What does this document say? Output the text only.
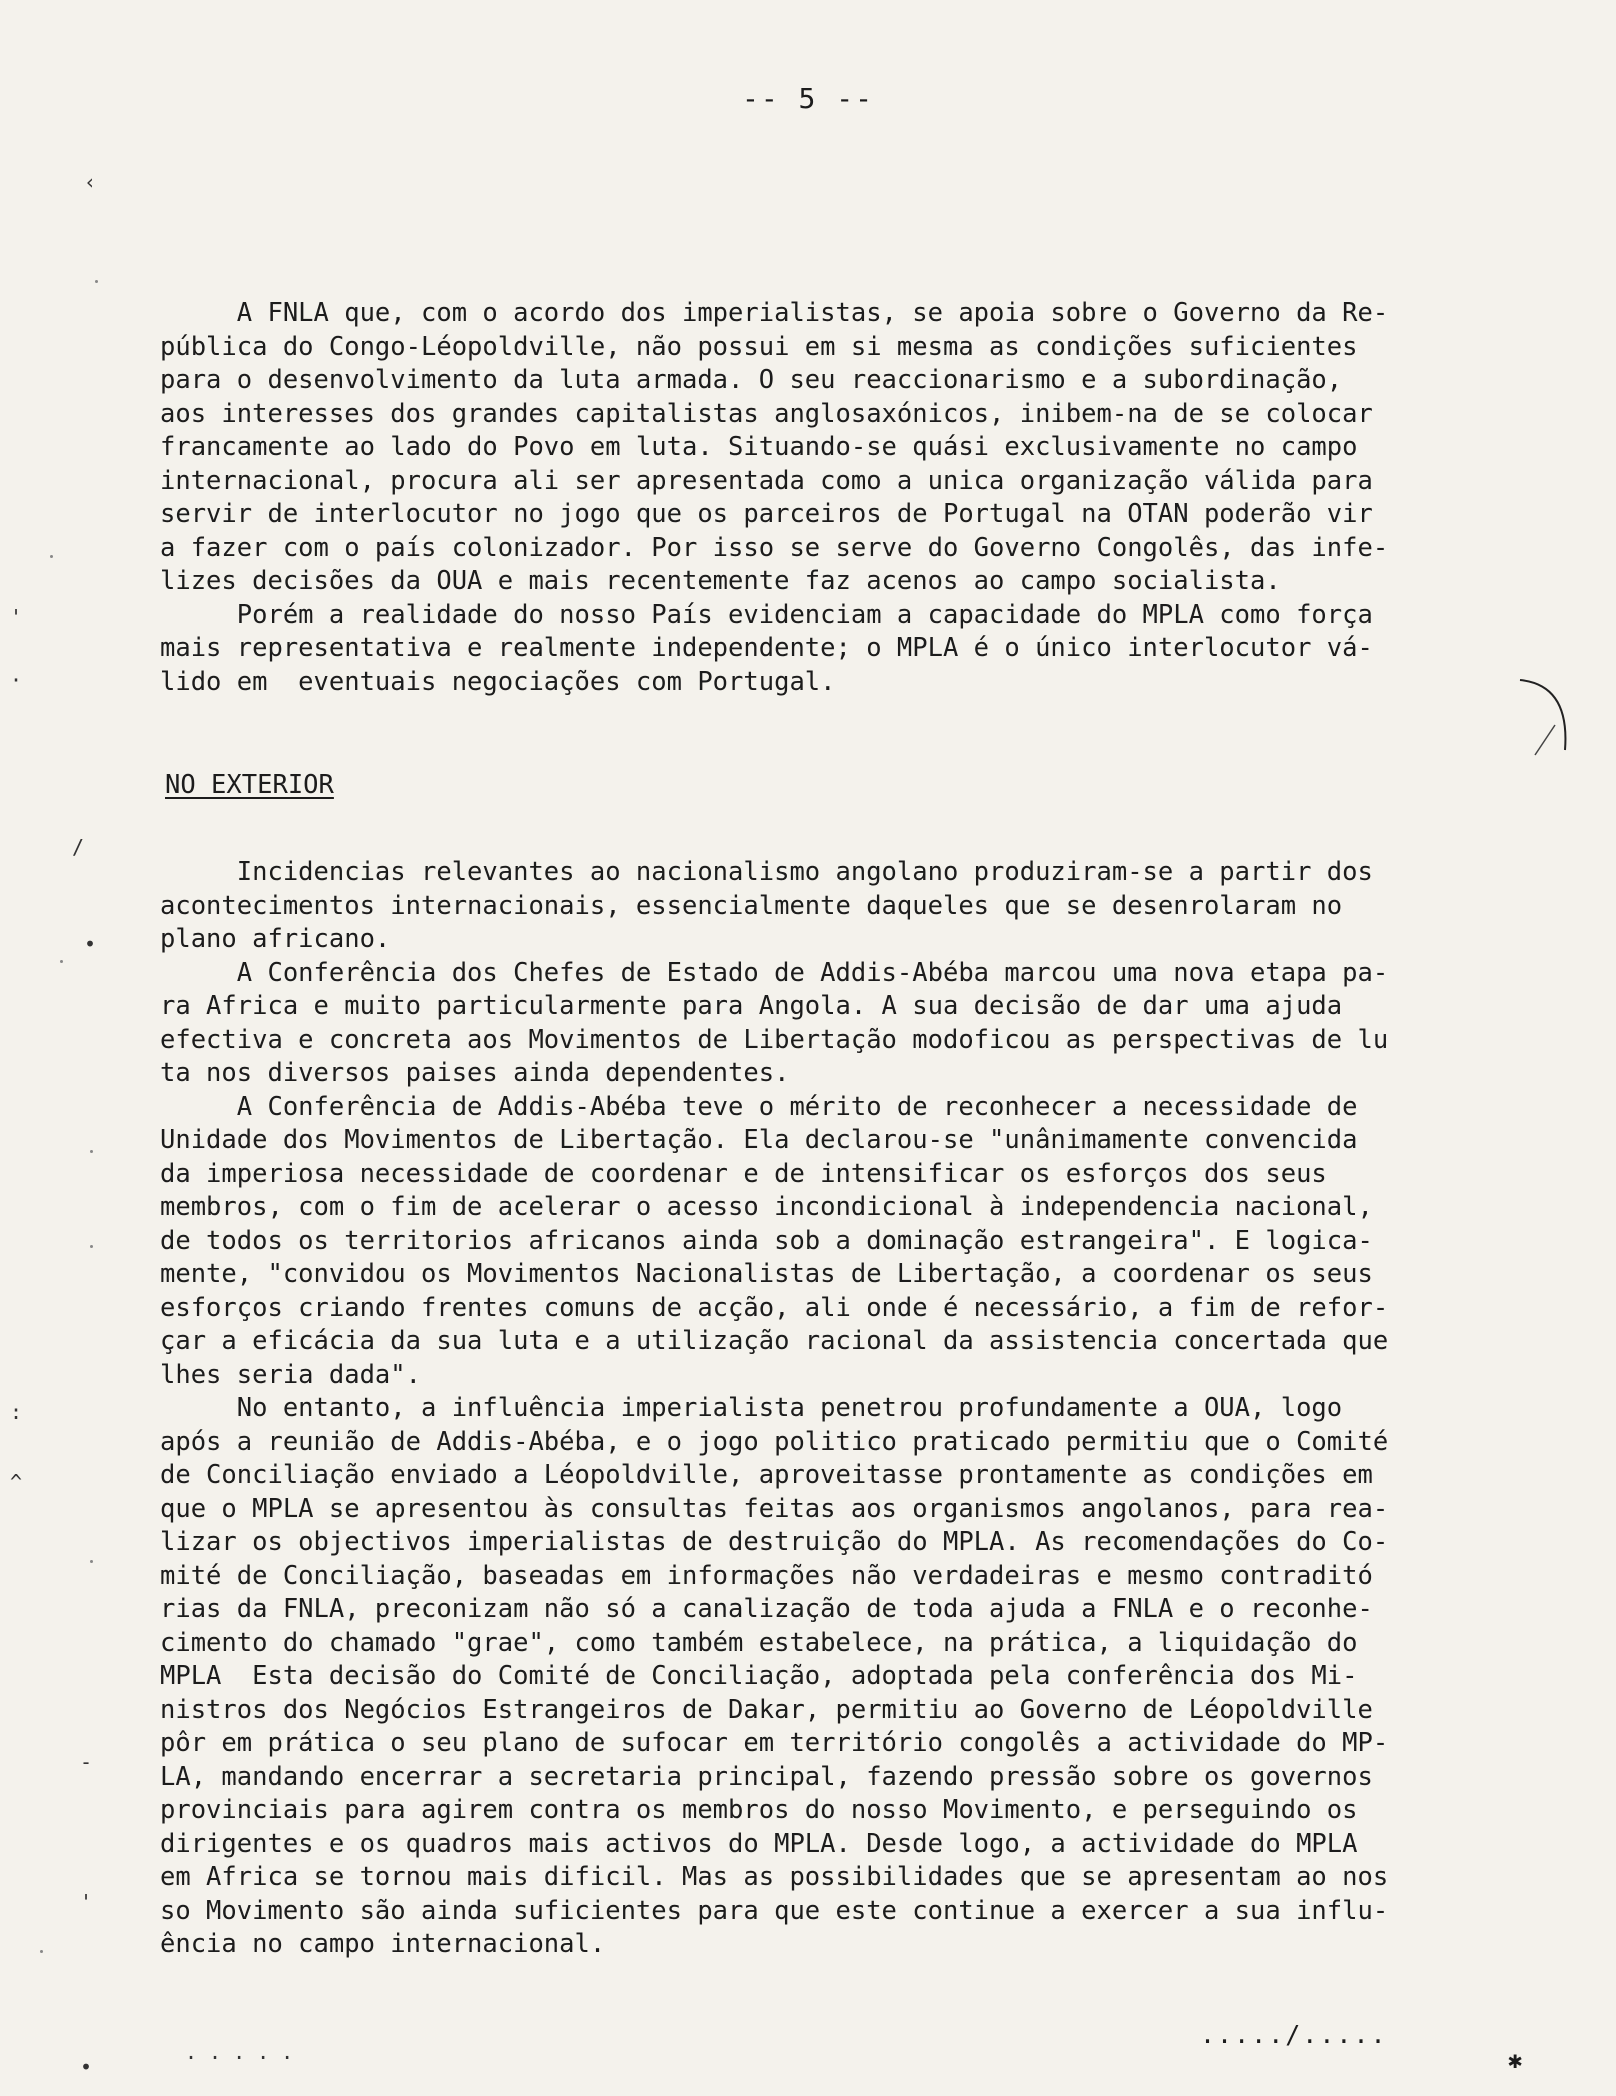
-- 5 --
‹
'
·
/
•
:
^
-
'
•
.....
A FNLA que, com o acordo dos imperialistas, se apoia sobre o Governo da Re-
pública do Congo-Léopoldville, não possui em si mesma as condições suficientes
para o desenvolvimento da luta armada. O seu reaccionarismo e a subordinação,
aos interesses dos grandes capitalistas anglosaxónicos, inibem-na de se colocar
francamente ao lado do Povo em luta. Situando-se quási exclusivamente no campo
internacional, procura ali ser apresentada como a unica organização válida para
servir de interlocutor no jogo que os parceiros de Portugal na OTAN poderão vir
a fazer com o país colonizador. Por isso se serve do Governo Congolês, das infe-
lizes decisões da OUA e mais recentemente faz acenos ao campo socialista.
Porém a realidade do nosso País evidenciam a capacidade do MPLA como força
mais representativa e realmente independente; o MPLA é o único interlocutor vá-
lido em  eventuais negociações com Portugal.
NO EXTERIOR
Incidencias relevantes ao nacionalismo angolano produziram-se a partir dos
acontecimentos internacionais, essencialmente daqueles que se desenrolaram no
plano africano.
A Conferência dos Chefes de Estado de Addis-Abéba marcou uma nova etapa pa-
ra Africa e muito particularmente para Angola. A sua decisão de dar uma ajuda
efectiva e concreta aos Movimentos de Libertação modoficou as perspectivas de lu
ta nos diversos paises ainda dependentes.
A Conferência de Addis-Abéba teve o mérito de reconhecer a necessidade de
Unidade dos Movimentos de Libertação. Ela declarou-se "unânimamente convencida
da imperiosa necessidade de coordenar e de intensificar os esforços dos seus
membros, com o fim de acelerar o acesso incondicional à independencia nacional,
de todos os territorios africanos ainda sob a dominação estrangeira". E logica-
mente, "convidou os Movimentos Nacionalistas de Libertação, a coordenar os seus
esforços criando frentes comuns de acção, ali onde é necessário, a fim de refor-
çar a eficácia da sua luta e a utilização racional da assistencia concertada que
lhes seria dada".
No entanto, a influência imperialista penetrou profundamente a OUA, logo
após a reunião de Addis-Abéba, e o jogo politico praticado permitiu que o Comité
de Conciliação enviado a Léopoldville, aproveitasse prontamente as condições em
que o MPLA se apresentou às consultas feitas aos organismos angolanos, para rea-
lizar os objectivos imperialistas de destruição do MPLA. As recomendações do Co-
mité de Conciliação, baseadas em informações não verdadeiras e mesmo contraditó
rias da FNLA, preconizam não só a canalização de toda ajuda a FNLA e o reconhe-
cimento do chamado "grae", como também estabelece, na prática, a liquidação do
MPLA  Esta decisão do Comité de Conciliação, adoptada pela conferência dos Mi-
nistros dos Negócios Estrangeiros de Dakar, permitiu ao Governo de Léopoldville
pôr em prática o seu plano de sufocar em território congolês a actividade do MP-
LA, mandando encerrar a secretaria principal, fazendo pressão sobre os governos
provinciais para agirem contra os membros do nosso Movimento, e perseguindo os
dirigentes e os quadros mais activos do MPLA. Desde logo, a actividade do MPLA
em Africa se tornou mais dificil. Mas as possibilidades que se apresentam ao nos
so Movimento são ainda suficientes para que este continue a exercer a sua influ-
ência no campo internacional.
...../.....
✱
